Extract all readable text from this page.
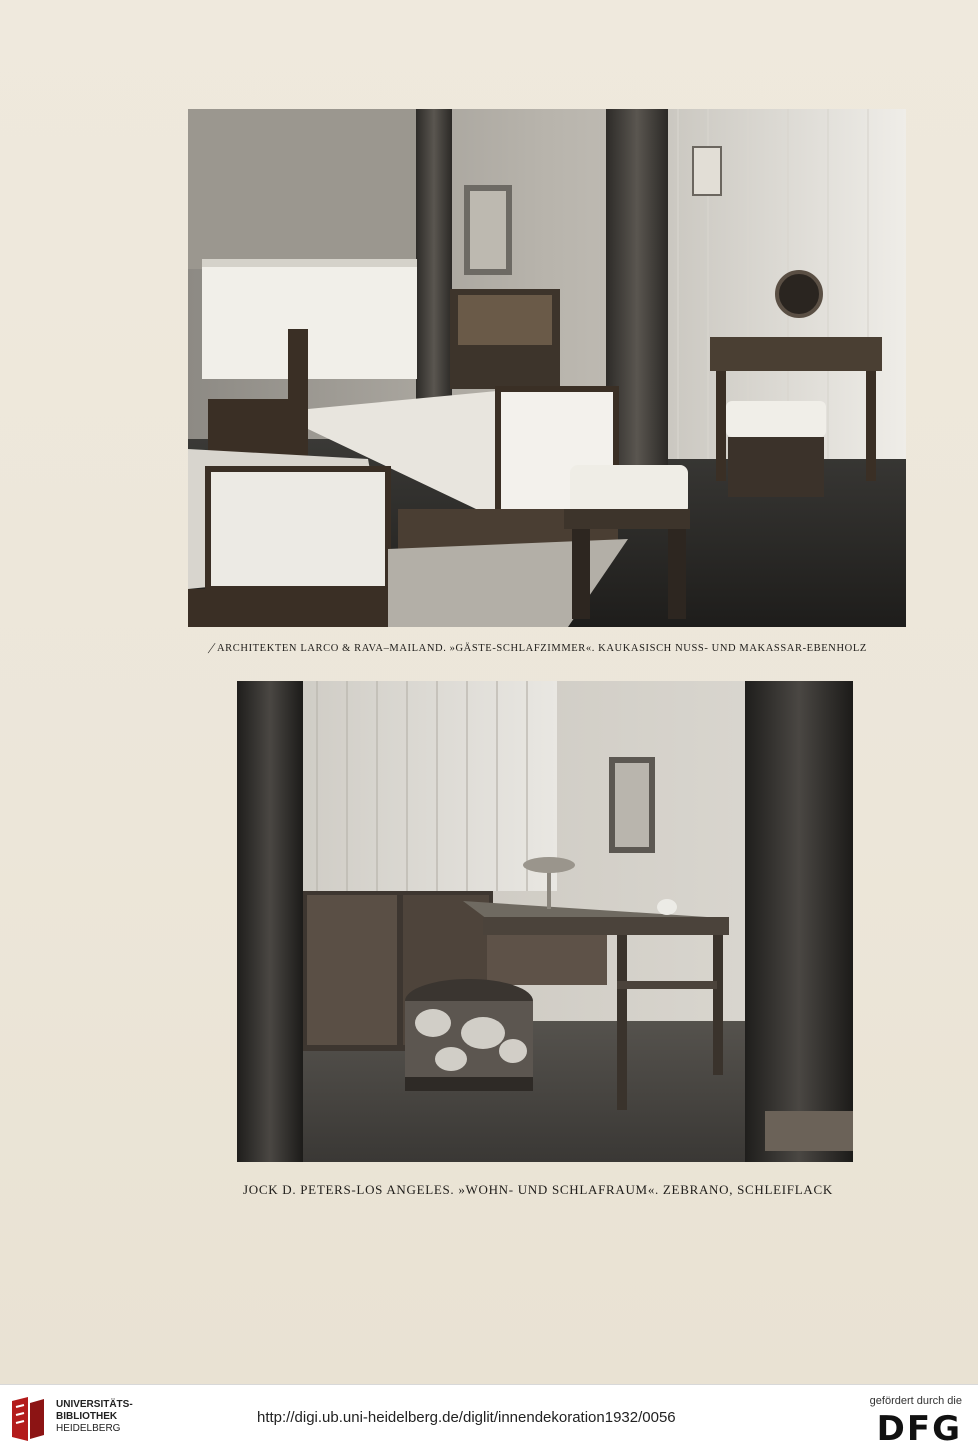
/ ARCHITEKTEN LARCO & RAVA–MAILAND. »GÄSTE-SCHLAFZIMMER«. KAUKASISCH NUSS- UND MAKASSAR-EBENHOLZ
JOCK D. PETERS-LOS ANGELES. »WOHN- UND SCHLAFRAUM«. ZEBRANO, SCHLEIFLACK
UNIVERSITÄTS-
BIBLIOTHEK
HEIDELBERG
http://digi.ub.uni-heidelberg.de/diglit/innendekoration1932/0056
gefördert durch die
DFG
